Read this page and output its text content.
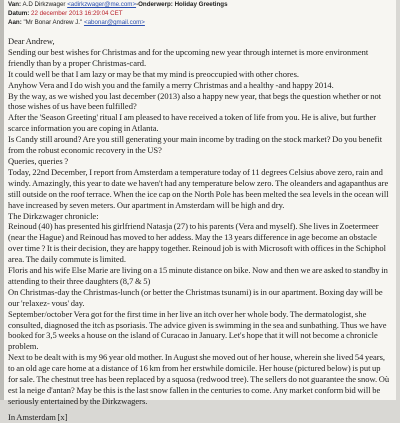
Van: A.D Dirkzwager <adirkzwager@me.com>-Onderwerp: Holiday Greetings
Datum: 22 december 2013 16:29:04 CET
Aan: "Mr Bonar Andrew J." <abonar@gmail.com>

Dear Andrew,

Sending our best wishes for Christmas and for the upcoming new year through internet is more environment friendly than by a proper Christmas-card.

It could well be that I am lazy or may be that my mind is preoccupied with other chores.

Anyhow Vera and I do wish you and the family a merry Christmas and a healthy -and happy 2014.

By the way, as we wished you last december (2013) also a happy new year, that begs the question whether or not those wishes of us have been fulfilled?

After the 'Season Greeting' ritual I am pleased to have received a token of life from you. He is alive, but further scarce information you are coping in Atlanta.

Is Candy still around? Are you still generating your main income by trading on the stock market? Do you benefit from the robust economic recovery in the US?

Queries, queries ?

Today, 22nd December, I report from Amsterdam a temperature today of 11 degrees Celsius above zero, rain and windy. Amazingly, this year to date we haven't had any temperature below zero. The oleanders and agapanthus are still outside on the roof terrace. When the ice cap on the North Pole has been melted the sea levels in the ocean will have increased by seven meters. Our apartment in Amsterdam will be high and dry.

The Dirkzwager chronicle:

Reinoud (40) has presented his girlfriend Natasja (27) to his parents (Vera and myself). She lives in Zoetermeer (near the Hague) and Reinoud has moved to her addess. May the 13 years difference in age become an obstacle over time ? It is their decision, they are happy together. Reinoud job is with Microsoft with offices in the Schiphol area. The daily commute is limited.

Floris and his wife Else Marie are living on a 15 minute distance on bike. Now and then we are asked to standby in attending to their three daughters (8,7 & 5)

On Christmas-day the Christmas-lunch (or better the Christmas tsunami) is in our apartment. Boxing day will be our 'relaxez- vous' day.

September/october Vera got for the first time in her live an itch over her whole body. The dermatologist, she consulted, diagnosed the itch as psoriasis. The advice given is swimming in the sea and sunbathing. Thus we have booked for 3,5 weeks a house on the island of Curacao in January. Let's hope that it will not become a chronicle problem.

Next to be dealt with is my 96 year old mother. In August she moved out of her house, wherein she lived 54 years, to an old age care home at a distance of 16 km from her erstwhile domicile. Her house (pictured below) is put up for sale. The chestnut tree has been replaced by a squosa (redwood tree). The sellers do not guarantee the snow. Où est la neige d'antan? May be this is the last snow fallen in the centuries to come. Any market conform bid will be seriously entertained by the Dirkzwagers.

In Amsterdam [x]
